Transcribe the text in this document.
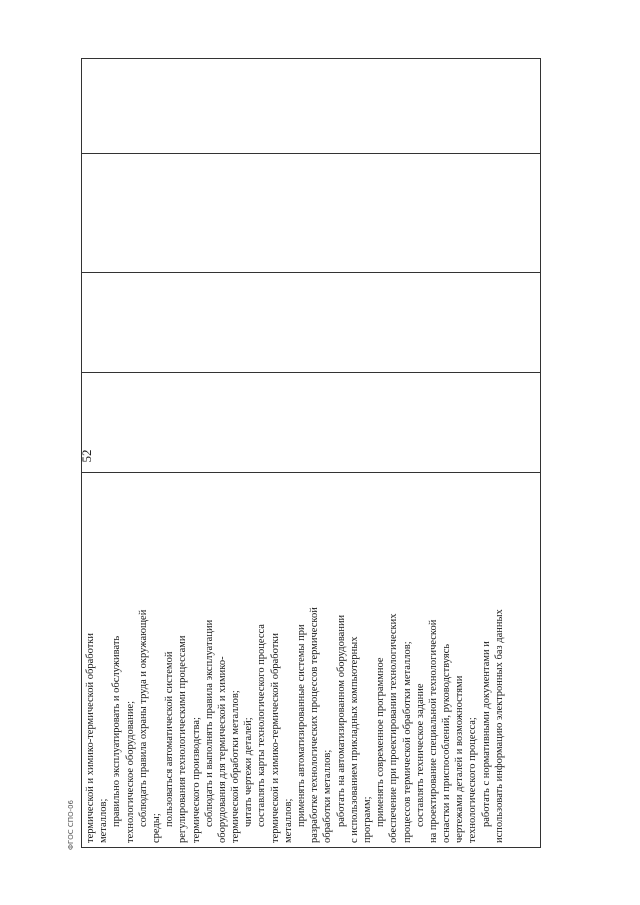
52
термической и химико-термической обработки металлов; правильно эксплуатировать и обслуживать технологическое оборудование; соблюдать правила охраны труда и окружающей
среды;
пользоваться автоматической системой регулирования технологическими процессами термического производства; соблюдать и выполнять правила эксплуатации оборудования для термической и химико- термической обработки металлов; читать чертежи деталей; составлять карты технологического процесса термической и химико-термической обработки металлов; применять автоматизированные системы при разработке технологических процессов термической обработки металлов; работать на автоматизированном оборудовании с использованием прикладных компьютерных программ; применять современное программное обеспечение при проектировании технологических процессов термической обработки металлов; составлять техническое задание на проектирование специальной технологической оснастки и приспособлений, руководствуясь чертежами деталей и возможностями технологического процесса; работать с нормативными документами и использовать информацию электронных баз данных
ФГОС СПО-06
